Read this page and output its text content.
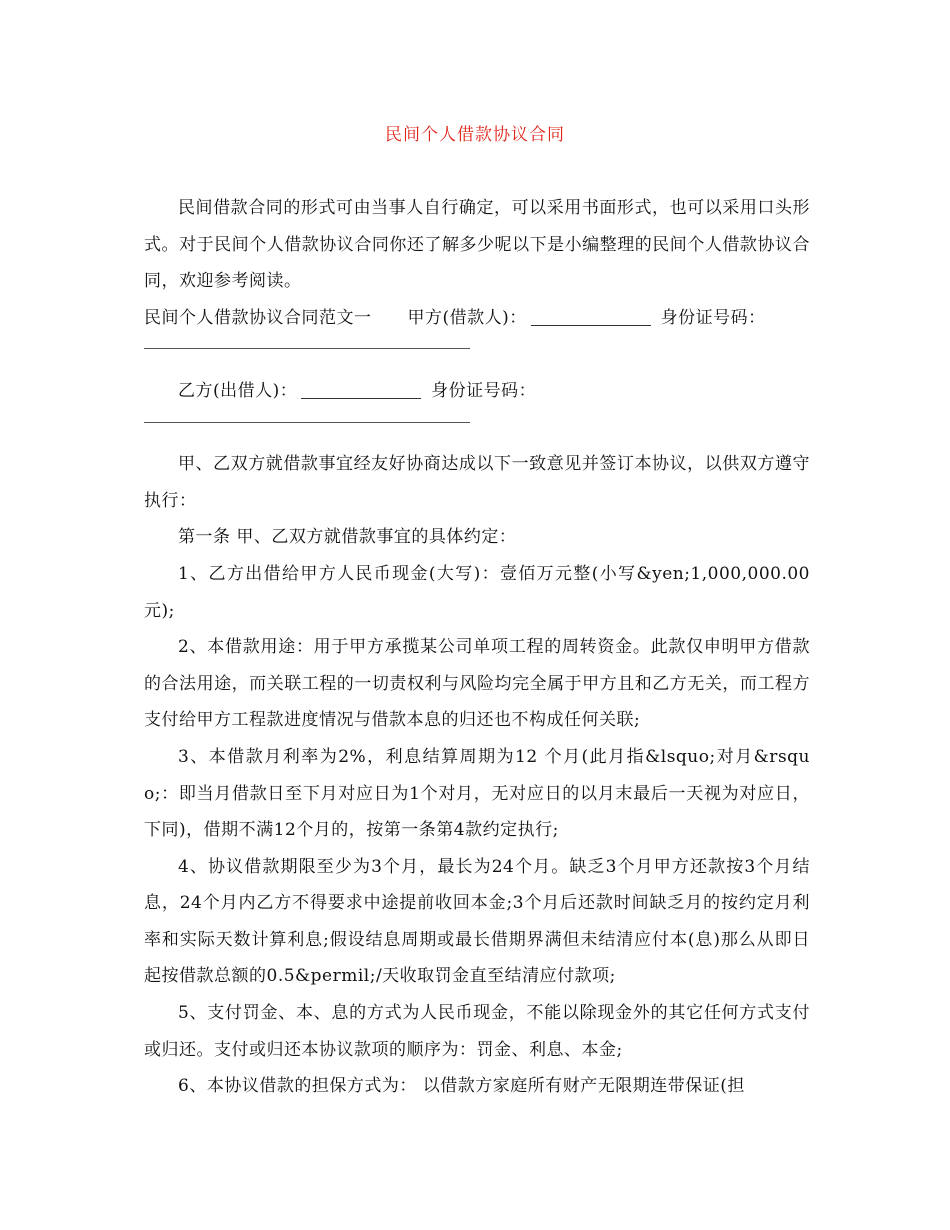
民间个人借款协议合同

民间借款合同的形式可由当事人自行确定，可以采用书面形式，也可以采用口头形式。对于民间个人借款协议合同你还了解多少呢以下是小编整理的民间个人借款协议合同，欢迎参考阅读。

民间个人借款协议合同范文一 甲方(借款人)：	身份证号码：

乙方(出借人)：	身份证号码：

甲、乙双方就借款事宜经友好协商达成以下一致意见并签订本协议，以供双方遵守执行：

第一条 甲、乙双方就借款事宜的具体约定：

1、乙方出借给甲方人民币现金(大写)：壹佰万元整(小写&yen;1,000,000.00元);

2、本借款用途：用于甲方承揽某公司单项工程的周转资金。此款仅申明甲方借款的合法用途，而关联工程的一切责权利与风险均完全属于甲方且和乙方无关，而工程方支付给甲方工程款进度情况与借款本息的归还也不构成任何关联;

3、本借款月利率为2%，利息结算周期为12 个月(此月指&lsquo;对月&rsquo;：即当月借款日至下月对应日为1个对月，无对应日的以月末最后一天视为对应日，下同)，借期不满12个月的，按第一条第4款约定执行;

4、协议借款期限至少为3个月，最长为24个月。缺乏3个月甲方还款按3个月结息，24个月内乙方不得要求中途提前收回本金;3个月后还款时间缺乏月的按约定月利率和实际天数计算利息;假设结息周期或最长借期界满但未结清应付本(息)那么从即日起按借款总额的0.5&permil;/天收取罚金直至结清应付款项;

5、支付罚金、本、息的方式为人民币现金，不能以除现金外的其它任何方式支付或归还。支付或归还本协议款项的顺序为：罚金、利息、本金;

6、本协议借款的担保方式为： 以借款方家庭所有财产无限期连带保证(担
